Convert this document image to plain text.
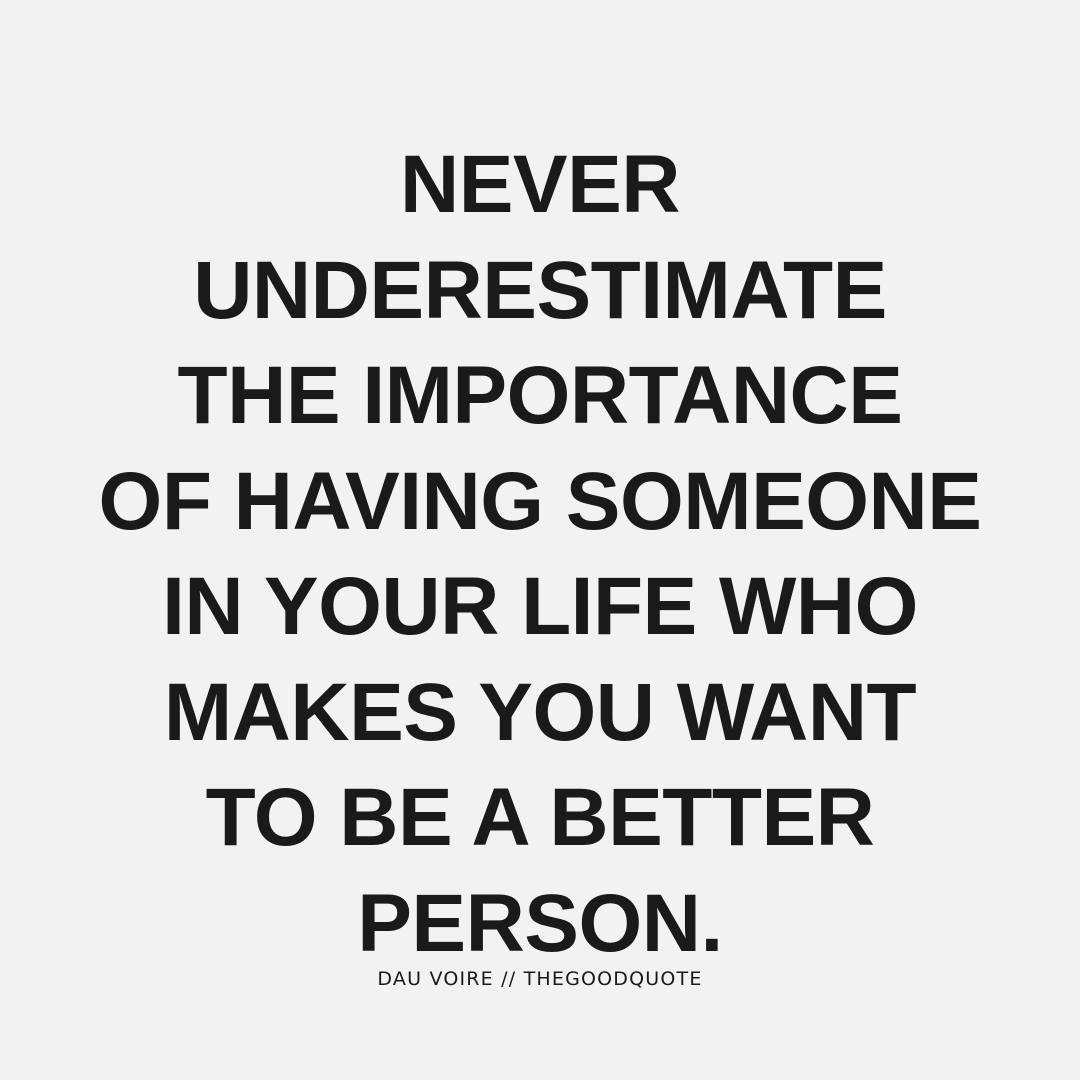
NEVER
UNDERESTIMATE
THE IMPORTANCE
OF HAVING SOMEONE
IN YOUR LIFE WHO
MAKES YOU WANT
TO BE A BETTER
PERSON.
DAU VOIRE // THEGOODQUOTE
